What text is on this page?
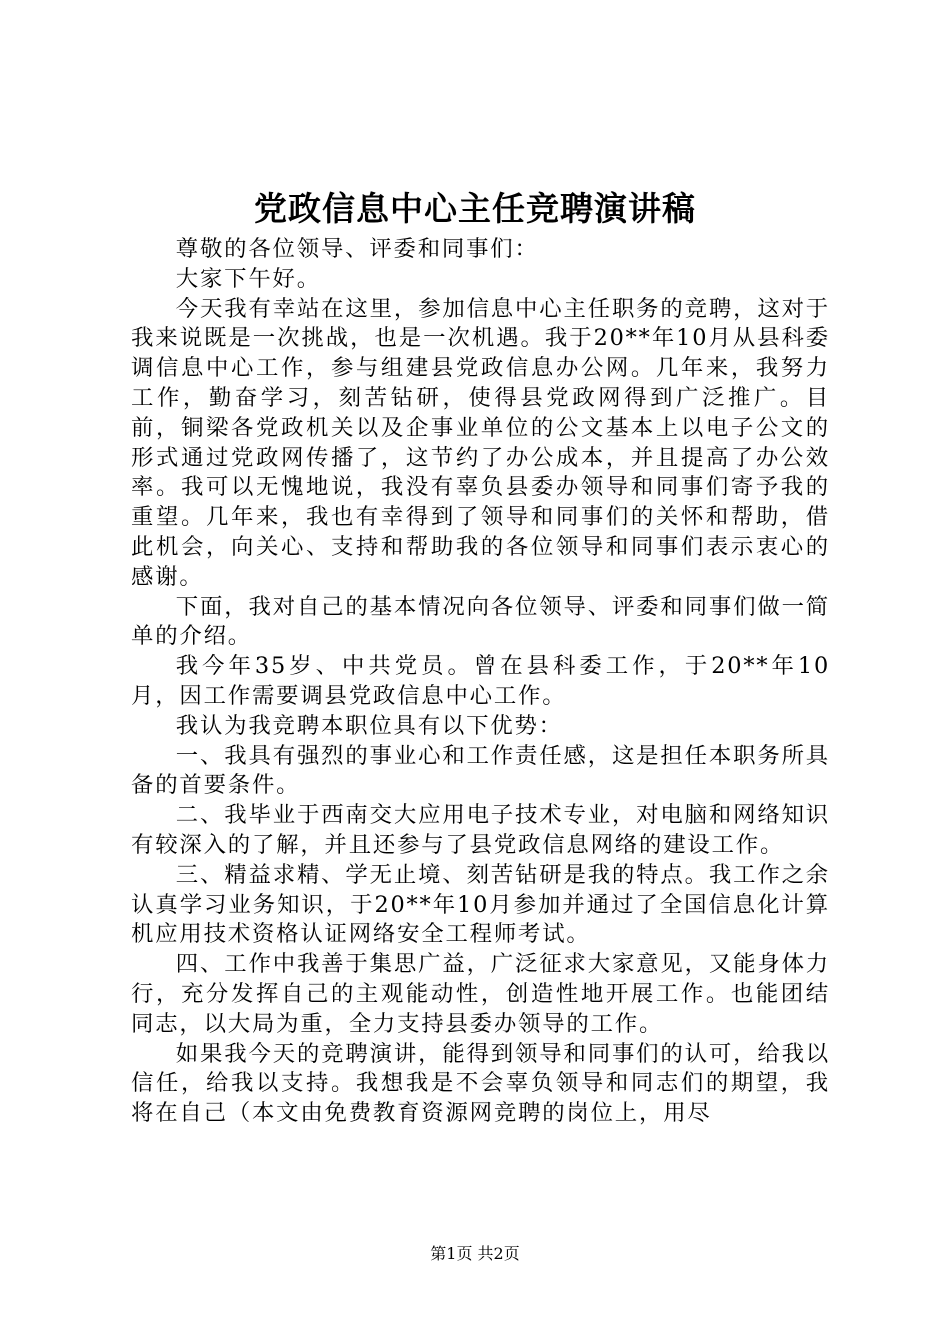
党政信息中心主任竞聘演讲稿

尊敬的各位领导、评委和同事们：

大家下午好。

今天我有幸站在这里，参加信息中心主任职务的竞聘，这对于我来说既是一次挑战，也是一次机遇。我于20**年10月从县科委调信息中心工作，参与组建县党政信息办公网。几年来，我努力工作，勤奋学习，刻苦钻研，使得县党政网得到广泛推广。目前，铜梁各党政机关以及企事业单位的公文基本上以电子公文的形式通过党政网传播了，这节约了办公成本，并且提高了办公效率。我可以无愧地说，我没有辜负县委办领导和同事们寄予我的重望。几年来，我也有幸得到了领导和同事们的关怀和帮助，借此机会，向关心、支持和帮助我的各位领导和同事们表示衷心的感谢。

下面，我对自己的基本情况向各位领导、评委和同事们做一简单的介绍。

我今年35岁、中共党员。曾在县科委工作，于20**年10月，因工作需要调县党政信息中心工作。

我认为我竞聘本职位具有以下优势：

一、我具有强烈的事业心和工作责任感，这是担任本职务所具备的首要条件。

二、我毕业于西南交大应用电子技术专业，对电脑和网络知识有较深入的了解，并且还参与了县党政信息网络的建设工作。

三、精益求精、学无止境、刻苦钻研是我的特点。我工作之余认真学习业务知识，于20**年10月参加并通过了全国信息化计算机应用技术资格认证网络安全工程师考试。

四、工作中我善于集思广益，广泛征求大家意见，又能身体力行，充分发挥自己的主观能动性，创造性地开展工作。也能团结同志，以大局为重，全力支持县委办领导的工作。

如果我今天的竞聘演讲，能得到领导和同事们的认可，给我以信任，给我以支持。我想我是不会辜负领导和同志们的期望，我将在自己（本文由免费教育资源网竞聘的岗位上，用尽

第1页 共2页
